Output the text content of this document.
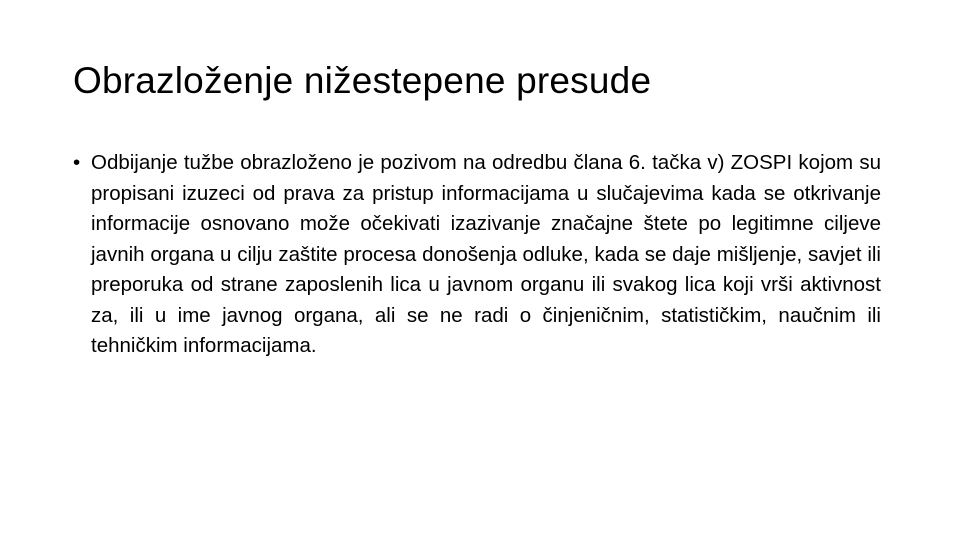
Obrazloženje nižestepene presude
• Odbijanje tužbe obrazloženo je pozivom na odredbu člana 6. tačka v) ZOSPI kojom su propisani izuzeci od prava za pristup informacijama u slučajevima kada se otkrivanje informacije osnovano može očekivati izazivanje značajne štete po legitimne ciljeve javnih organa u cilju zaštite procesa donošenja odluke, kada se daje mišljenje, savjet ili preporuka od strane zaposlenih lica u javnom organu ili svakog lica koji vrši aktivnost za, ili u ime javnog organa, ali se ne radi o činjeničnim, statističkim, naučnim ili tehničkim informacijama.
